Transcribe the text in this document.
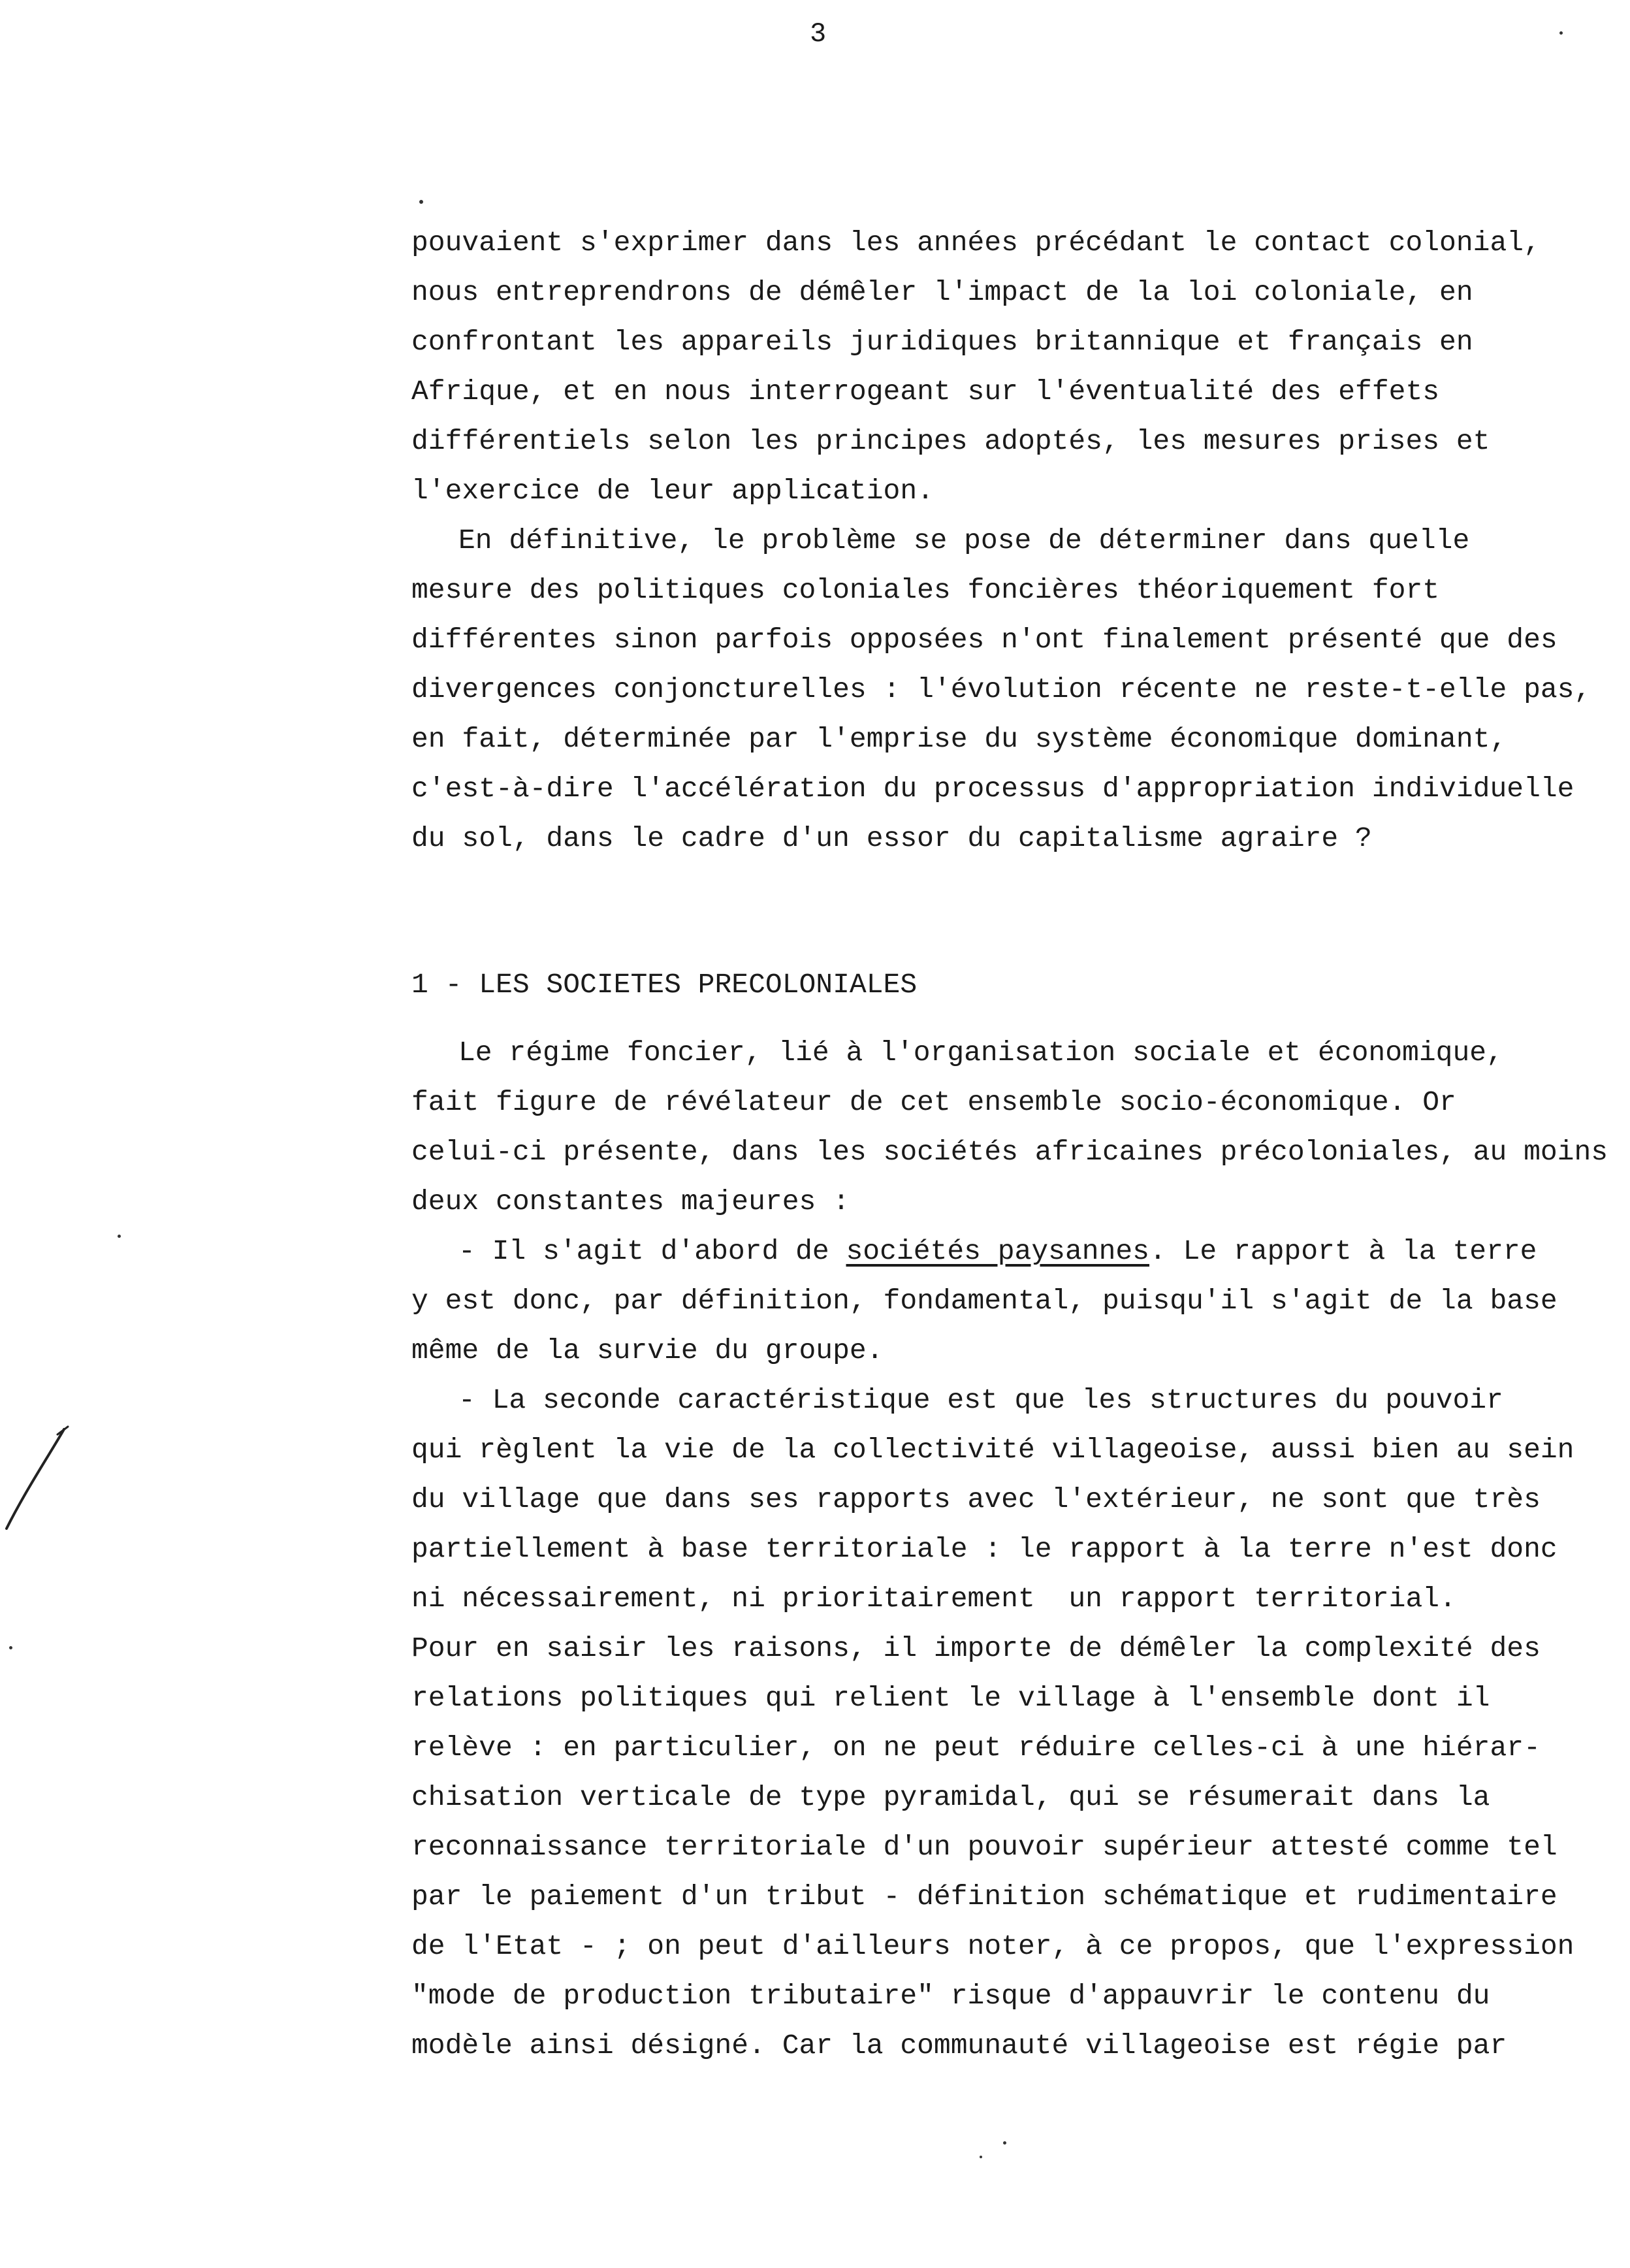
3
pouvaient s'exprimer dans les années précédant le contact colonial,
nous entreprendrons de démêler l'impact de la loi coloniale, en
confrontant les appareils juridiques britannique et français en
Afrique, et en nous interrogeant sur l'éventualité des effets
différentiels selon les principes adoptés, les mesures prises et
l'exercice de leur application.
En définitive, le problème se pose de déterminer dans quelle
mesure des politiques coloniales foncières théoriquement fort
différentes sinon parfois opposées n'ont finalement présenté que des
divergences conjoncturelles : l'évolution récente ne reste-t-elle pas,
en fait, déterminée par l'emprise du système économique dominant,
c'est-à-dire l'accélération du processus d'appropriation individuelle
du sol, dans le cadre d'un essor du capitalisme agraire ?
1 - LES SOCIETES PRECOLONIALES
Le régime foncier, lié à l'organisation sociale et économique,
fait figure de révélateur de cet ensemble socio-économique. Or
celui-ci présente, dans les sociétés africaines précoloniales, au moins
deux constantes majeures :
- Il s'agit d'abord de sociétés paysannes. Le rapport à la terre
y est donc, par définition, fondamental, puisqu'il s'agit de la base
même de la survie du groupe.
- La seconde caractéristique est que les structures du pouvoir
qui règlent la vie de la collectivité villageoise, aussi bien au sein
du village que dans ses rapports avec l'extérieur, ne sont que très
partiellement à base territoriale : le rapport à la terre n'est donc
ni nécessairement, ni prioritairement  un rapport territorial.
Pour en saisir les raisons, il importe de démêler la complexité des
relations politiques qui relient le village à l'ensemble dont il
relève : en particulier, on ne peut réduire celles-ci à une hiérar-
chisation verticale de type pyramidal, qui se résumerait dans la
reconnaissance territoriale d'un pouvoir supérieur attesté comme tel
par le paiement d'un tribut - définition schématique et rudimentaire
de l'Etat - ; on peut d'ailleurs noter, à ce propos, que l'expression
"mode de production tributaire" risque d'appauvrir le contenu du
modèle ainsi désigné. Car la communauté villageoise est régie par
